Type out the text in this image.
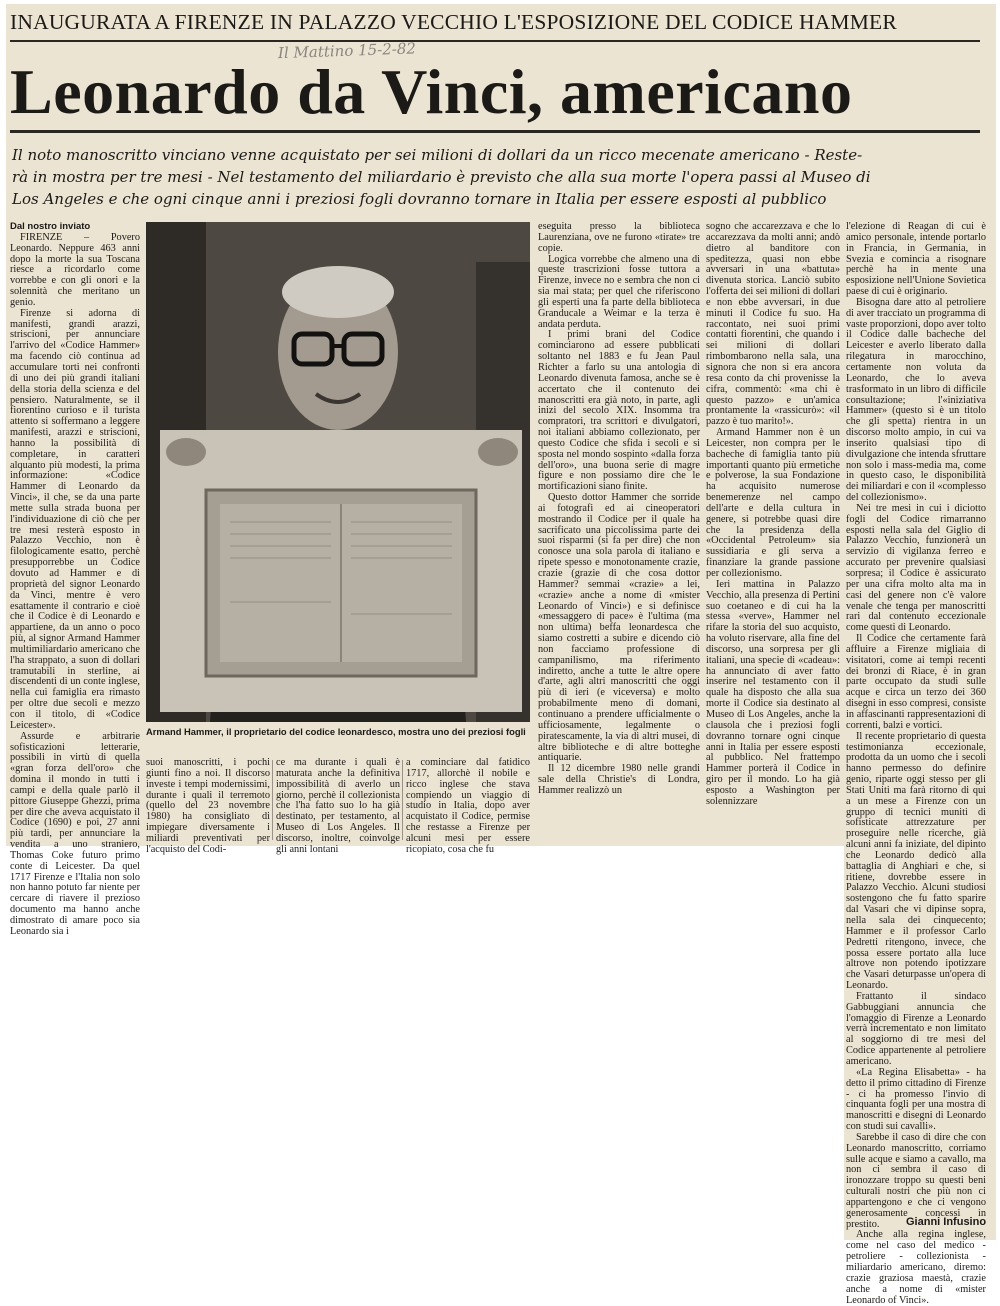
INAUGURATA A FIRENZE IN PALAZZO VECCHIO L'ESPOSIZIONE DEL CODICE HAMMER
Il Mattino 15-2-82
Leonardo da Vinci, americano
Il noto manoscritto vinciano venne acquistato per sei milioni di dollari da un ricco mecenate americano - Reste-
rà in mostra per tre mesi - Nel testamento del miliardario è previsto che alla sua morte l'opera passi al Museo di
Los Angeles e che ogni cinque anni i preziosi fogli dovranno tornare in Italia per essere esposti al pubblico

Dal nostro inviato

FIRENZE – Povero Leonardo. Neppure 463 anni dopo la morte la sua Toscana riesce a ricordarlo come vorrebbe e con gli onori e la solennità che meritano un genio.

Firenze si adorna di manifesti, grandi arazzi, striscioni, per annunciare l'arrivo del «Codice Hammer» ma facendo ciò continua ad accumulare torti nei confronti di uno dei più grandi italiani della storia della scienza e del pensiero. Naturalmente, se il fiorentino curioso e il turista attento si soffermano a leggere manifesti, arazzi e striscioni, hanno la possibilità di completare, in caratteri alquanto più modesti, la prima informazione: «Codice Hammer di Leonardo da Vinci», il che, se da una parte mette sulla strada buona per l'individuazione di ciò che per tre mesi resterà esposto in Palazzo Vecchio, non è filologicamente esatto, perchè presupporrebbe un Codice dovuto ad Hammer e di proprietà del signor Leonardo da Vinci, mentre è vero esattamente il contrario e cioè che il Codice è di Leonardo e appartiene, da un anno o poco più, al signor Armand Hammer multimiliardario americano che l'ha strappato, a suon di dollari tramutabili in sterline, ai discendenti di un conte inglese, nella cui famiglia era rimasto per oltre due secoli e mezzo con il titolo, di «Codice Leicester».

Assurde e arbitrarie sofisticazioni letterarie, possibili in virtù di quella «gran forza dell'oro» che domina il mondo in tutti i campi e della quale parlò il pittore Giuseppe Ghezzi, prima per dire che aveva acquistato il Codice (1690) e poi, 27 anni più tardi, per annunciare la vendita a uno straniero, Thomas Coke futuro primo conte di Leicester. Da quel 1717 Firenze e l'Italia non solo non hanno potuto far niente per cercare di riavere il prezioso documento ma hanno anche dimostrato di amare poco sia Leonardo sia i

Armand Hammer, il proprietario del codice leonardesco, mostra uno dei preziosi fogli

suoi manoscritti, i pochi giunti fino a noi. Il discorso investe i tempi modernissimi, durante i quali il terremoto (quello del 23 novembre 1980) ha consigliato di impiegare diversamente i miliardi preventivati per l'acquisto del Codi-

ce ma durante i quali è maturata anche la definitiva impossibilità di averlo un giorno, perchè il collezionista che l'ha fatto suo lo ha già destinato, per testamento, al Museo di Los Angeles. Il discorso, inoltre, coinvolge gli anni lontani

a cominciare dal fatidico 1717, allorchè il nobile e ricco inglese che stava compiendo un viaggio di studio in Italia, dopo aver acquistato il Codice, permise che restasse a Firenze per alcuni mesi per essere ricopiato, cosa che fu

eseguita presso la biblioteca Laurenziana, ove ne furono «tirate» tre copie.

Logica vorrebbe che almeno una di queste trascrizioni fosse tuttora a Firenze, invece no e sembra che non ci sia mai stata; per quel che riferiscono gli esperti una fa parte della biblioteca Granducale a Weimar e la terza è andata perduta.

I primi brani del Codice cominciarono ad essere pubblicati soltanto nel 1883 e fu Jean Paul Richter a farlo su una antologia di Leonardo divenuta famosa, anche se è accertato che il contenuto dei manoscritti era già noto, in parte, agli inizi del secolo XIX. Insomma tra compratori, tra scrittori e divulgatori, noi italiani abbiamo collezionato, per questo Codice che sfida i secoli e si sposta nel mondo sospinto «dalla forza dell'oro», una buona serie di magre figure e non possiamo dire che le mortificazioni siano finite.

Questo dottor Hammer che sorride ai fotografi ed ai cineoperatori mostrando il Codice per il quale ha sacrificato una piccolissima parte dei suoi risparmi (si fa per dire) che non conosce una sola parola di italiano e ripete spesso e monotonamente crazie, crazie (grazie di che cosa dottor Hammer? semmai «crazie» a lei, «crazie» anche a nome di «mister Leonardo of Vinci») e si definisce «messaggero di pace» è l'ultima (ma non ultima) beffa leonardesca che siamo costretti a subire e dicendo ciò non facciamo professione di campanilismo, ma riferimento indiretto, anche a tutte le altre opere d'arte, agli altri manoscritti che oggi più di ieri (e viceversa) e molto probabilmente meno di domani, continuano a prendere ufficialmente o ufficiosamente, legalmente o piratescamente, la via di altri musei, di altre biblioteche e di altre botteghe antiquarie.

Il 12 dicembre 1980 nelle grandi sale della Christie's di Londra, Hammer realizzò un

sogno che accarezzava e che lo accarezzava da molti anni; andò dietro al banditore con speditezza, quasi non ebbe avversari in una «battuta» divenuta storica. Lanciò subito l'offerta dei sei milioni di dollari e non ebbe avversari, in due minuti il Codice fu suo. Ha raccontato, nei suoi primi contatti fiorentini, che quando i sei milioni di dollari rimbombarono nella sala, una signora che non si era ancora resa conto da chi provenisse la cifra, commentò: «ma chi è questo pazzo» e un'amica prontamente la «rassicurò»: «il pazzo è tuo marito!».

Armand Hammer non è un Leicester, non compra per le bacheche di famiglia tanto più importanti quanto più ermetiche e polverose, la sua Fondazione ha acquisito numerose benemerenze nel campo dell'arte e della cultura in genere, si potrebbe quasi dire che la presidenza della «Occidental Petroleum» sia sussidiaria e gli serva a finanziare la grande passione per collezionismo.

Ieri mattina in Palazzo Vecchio, alla presenza di Pertini suo coetaneo e di cui ha la stessa «verve», Hammer nel rifare la storia del suo acquisto, ha voluto riservare, alla fine del discorso, una sorpresa per gli italiani, una specie di «cadeau»: ha annunciato di aver fatto inserire nel testamento con il quale ha disposto che alla sua morte il Codice sia destinato al Museo di Los Angeles, anche la clausola che i preziosi fogli dovranno tornare ogni cinque anni in Italia per essere esposti al pubblico. Nel frattempo Hammer porterà il Codice in giro per il mondo. Lo ha già esposto a Washington per solennizzare

l'elezione di Reagan di cui è amico personale, intende portarlo in Francia, in Germania, in Svezia e comincia a risognare perchè ha in mente una esposizione nell'Unione Sovietica paese di cui è originario.

Bisogna dare atto al petroliere di aver tracciato un programma di vaste proporzioni, dopo aver tolto il Codice dalle bacheche del Leicester e averlo liberato dalla rilegatura in marocchino, certamente non voluta da Leonardo, che lo aveva trasformato in un libro di difficile consultazione; l'«iniziativa Hammer» (questo sì è un titolo che gli spetta) rientra in un discorso molto ampio, in cui va inserito qualsiasi tipo di divulgazione che intenda sfruttare non solo i mass-media ma, come in questo caso, le disponibilità dei miliardari e con il «complesso del collezionismo».

Nei tre mesi in cui i diciotto fogli del Codice rimarranno esposti nella sala del Giglio di Palazzo Vecchio, funzionerà un servizio di vigilanza ferreo e accurato per prevenire qualsiasi sorpresa; il Codice è assicurato per una cifra molto alta ma in casi del genere non c'è valore venale che tenga per manoscritti rari dal contenuto eccezionale come questi di Leonardo.

Il Codice che certamente farà affluire a Firenze migliaia di visitatori, come ai tempi recenti dei bronzi di Riace, è in gran parte occupato da studi sulle acque e circa un terzo dei 360 disegni in esso compresi, consiste in affascinanti rappresentazioni di correnti, balzi e vortici.

Il recente proprietario di questa testimonianza eccezionale, prodotta da un uomo che i secoli hanno permesso do definire genio, riparte oggi stesso per gli Stati Uniti ma farà ritorno di qui a un mese a Firenze con un gruppo di tecnici muniti di sofisticate attrezzature per proseguire nelle ricerche, già alcuni anni fa iniziate, del dipinto che Leonardo dedicò alla battaglia di Anghiari e che, si ritiene, dovrebbe essere in Palazzo Vecchio. Alcuni studiosi sostengono che fu fatto sparire dal Vasari che vi dipinse sopra, nella sala dei cinquecento; Hammer e il professor Carlo Pedretti ritengono, invece, che possa essere portato alla luce altrove non potendo ipotizzare che Vasari deturpasse un'opera di Leonardo.

Frattanto il sindaco Gabbuggiani annuncia che l'omaggio di Firenze a Leonardo verrà incrementato e non limitato al soggiorno di tre mesi del Codice appartenente al petroliere americano.

«La Regina Elisabetta» - ha detto il primo cittadino di Firenze - ci ha promesso l'invio di cinquanta fogli per una mostra di manoscritti e disegni di Leonardo con studi sui cavalli».

Sarebbe il caso di dire che con Leonardo manoscritto, corriamo sulle acque e siamo a cavallo, ma non ci sembra il caso di ironozzare troppo su questi beni culturali nostri che più non ci appartengono e che ci vengono generosamente concessi in prestito.

Anche alla regina inglese, come nel caso del medico - petroliere - collezionista - miliardario americano, diremo: crazie graziosa maestà, crazie anche a nome di «mister Leonardo of Vinci».

Gianni Infusino
